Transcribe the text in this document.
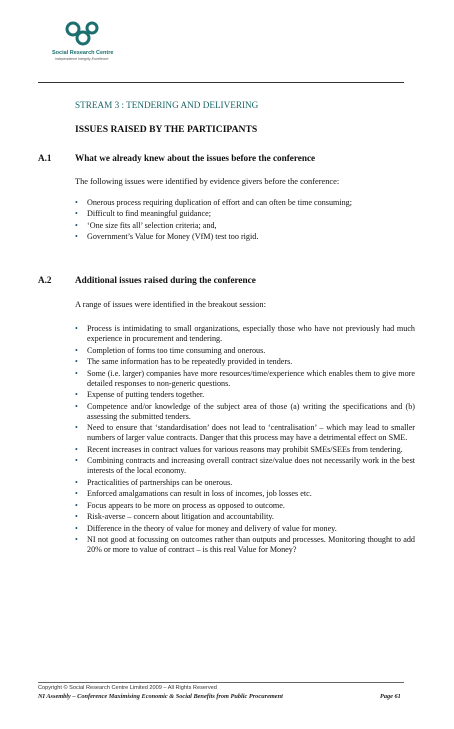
Social Research Centre
Independence Integrity Excellence
STREAM 3 : TENDERING AND DELIVERING
ISSUES RAISED BY THE PARTICIPANTS
A.1	What we already knew about the issues before the conference
The following issues were identified by evidence givers before the conference:
• Onerous process requiring duplication of effort and can often be time consuming;
• Difficult to find meaningful guidance;
• ‘One size fits all’ selection criteria; and,
• Government’s Value for Money (VfM) test too rigid.
A.2	Additional issues raised during the conference
A range of issues were identified in the breakout session:
• Process is intimidating to small organizations, especially those who have not previously had much experience in procurement and tendering.
• Completion of forms too time consuming and onerous.
• The same information has to be repeatedly provided in tenders.
• Some (i.e. larger) companies have more resources/time/experience which enables them to give more detailed responses to non-generic questions.
• Expense of putting tenders together.
• Competence and/or knowledge of the subject area of those (a) writing the specifications and (b) assessing the submitted tenders.
• Need to ensure that ‘standardisation’ does not lead to ‘centralisation’ – which may lead to smaller numbers of larger value contracts. Danger that this process may have a detrimental effect on SME.
• Recent increases in contract values for various reasons may prohibit SMEs/SEEs from tendering.
• Combining contracts and increasing overall contract size/value does not necessarily work in the best interests of the local economy.
• Practicalities of partnerships can be onerous.
• Enforced amalgamations can result in loss of incomes, job losses etc.
• Focus appears to be more on process as opposed to outcome.
• Risk-averse – concern about litigation and accountability.
• Difference in the theory of value for money and delivery of value for money.
• NI not good at focussing on outcomes rather than outputs and processes. Monitoring thought to add 20% or more to value of contract – is this real Value for Money?
Copyright © Social Research Centre Limited 2009 – All Rights Reserved
NI Assembly – Conference Maximising Economic & Social Benefits from Public Procurement	Page 61
